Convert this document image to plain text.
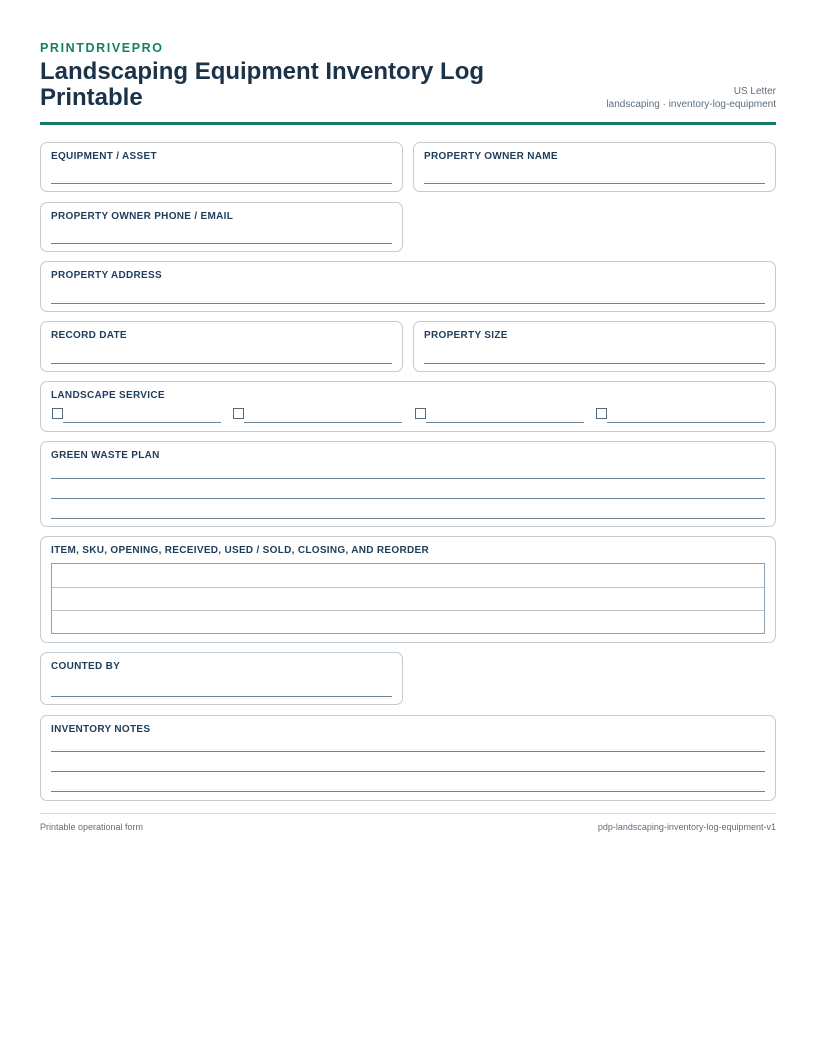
PRINTDRIVEPRO
Landscaping Equipment Inventory Log Printable	US Letter
landscaping · inventory-log-equipment
EQUIPMENT / ASSET	PROPERTY OWNER NAME
PROPERTY OWNER PHONE / EMAIL
PROPERTY ADDRESS
RECORD DATE	PROPERTY SIZE
LANDSCAPE SERVICE
GREEN WASTE PLAN
ITEM, SKU, OPENING, RECEIVED, USED / SOLD, CLOSING, AND REORDER
COUNTED BY
INVENTORY NOTES
Printable operational form	pdp-landscaping-inventory-log-equipment-v1
